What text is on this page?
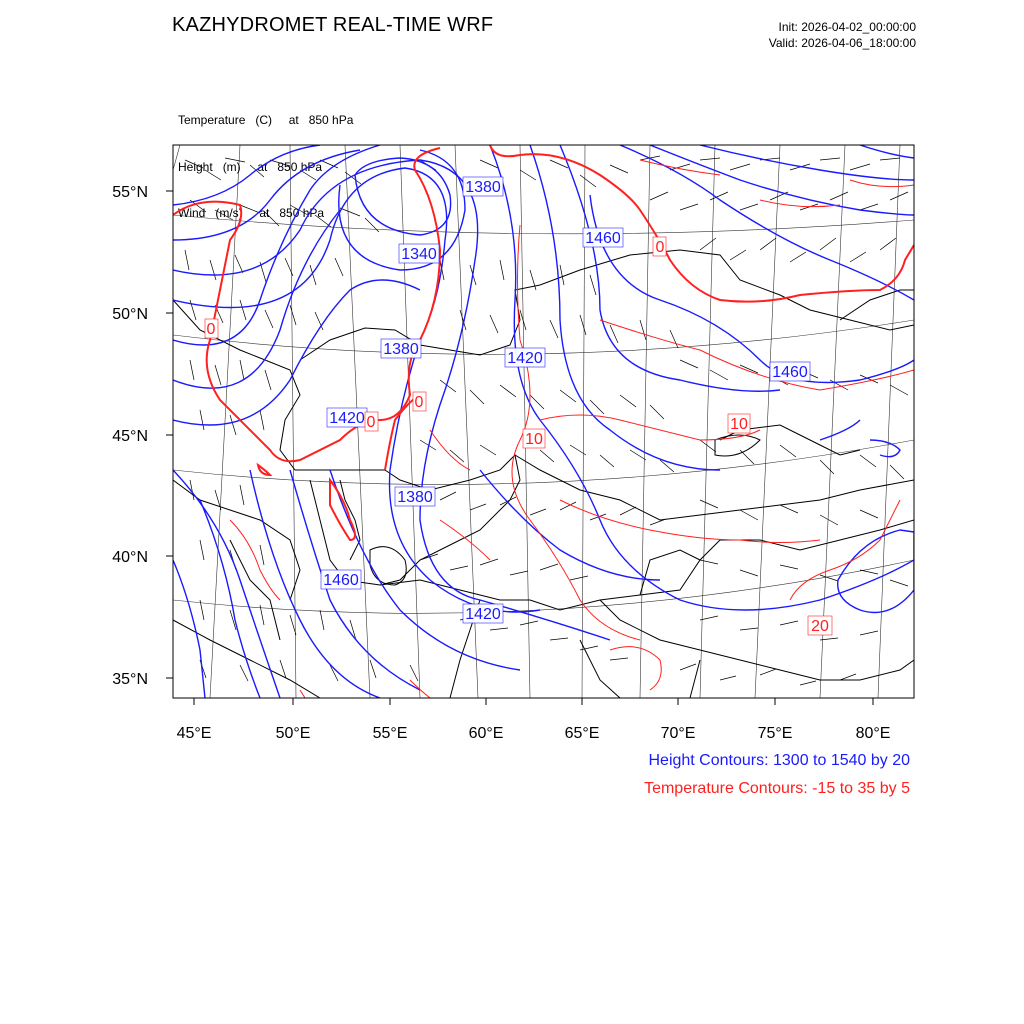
KAZHYDROMET REAL-TIME WRF	Init: 2026-04-02_00:00:00
Valid: 2026-04-06_18:00:00

Temperature   (C)     at   850 hPa

Height   (m)     at   850 hPa

Wind   (m/s)     at   850 hPa

1380
1340
1460
1380
1420
1420
1460
1380
1460
1420
0
0
0
0
10
10
20
55°N
50°N
45°N
40°N
35°N
45°E	50°E	55°E	60°E	65°E	70°E	75°E	80°E
Height Contours: 1300 to 1540 by 20
Temperature Contours: -15 to 35 by 5
